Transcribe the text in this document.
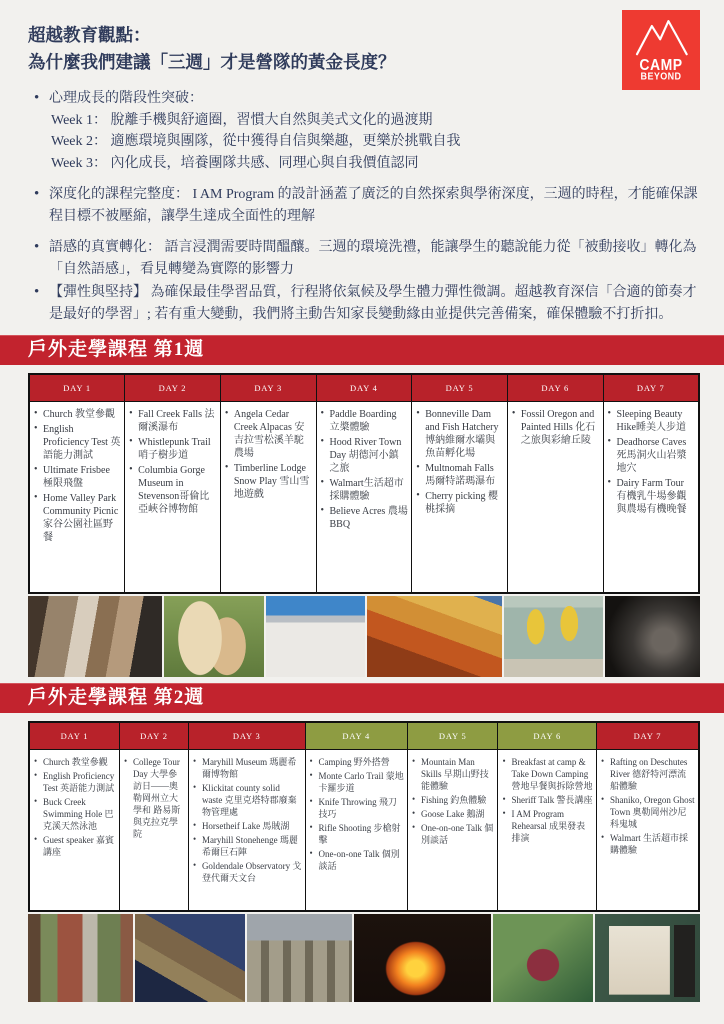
超越教育觀點：
為什麼我們建議「三週」才是營隊的黃金長度？	CAMP
BEYOND
• 心理成長的階段性突破：
Week 1： 脫離手機與舒適圈，習慣大自然與美式文化的過渡期
Week 2： 適應環境與團隊，從中獲得自信與樂趣，更樂於挑戰自我
Week 3： 內化成長，培養團隊共感、同理心與自我價值認同
• 深度化的課程完整度： I AM Program 的設計涵蓋了廣泛的自然探索與學術深度，三週的時程，才能確保課程目標不被壓縮，讓學生達成全面性的理解
• 語感的真實轉化： 語言浸潤需要時間醞釀。三週的環境洗禮，能讓學生的聽說能力從「被動接收」轉化為「自然語感」，看見轉變為實際的影響力
• 【彈性與堅持】 為確保最佳學習品質，行程將依氣候及學生體力彈性微調。超越教育深信「合適的節奏才是最好的學習」; 若有重大變動，我們將主動告知家長變動緣由並提供完善備案，確保體驗不打折扣。
戶外走學課程 第1週
DAY 1	DAY 2	DAY 3	DAY 4	DAY 5	DAY 6	DAY 7

• Church 教堂參觀
• English Proficiency Test 英語能力測試
• Ultimate Frisbee 極限飛盤
• Home Valley Park Community Picnic 家谷公園社區野餐

• Fall Creek Falls 法爾溪瀑布
• Whistlepunk Trail 哨子樹步道
• Columbia Gorge Museum in Stevenson哥倫比亞峽谷博物館

• Angela Cedar Creek Alpacas 安吉拉雪松溪羊駝農場
• Timberline Lodge Snow Play 雪山雪地遊戲

• Paddle Boarding 立槳體驗
• Hood River Town Day 胡德河小鎮之旅
• Walmart生活超市採購體驗
• Believe Acres 農場 BBQ

• Bonneville Dam and Fish Hatchery 博納維爾水壩與魚苗孵化場
• Multnomah Falls 馬爾特諾瑪瀑布
• Cherry picking 櫻桃採摘

• Fossil Oregon and Painted Hills 化石之旅與彩繪丘陵

• Sleeping Beauty Hike睡美人步道
• Deadhorse Caves 死馬洞火山岩漿地穴
• Dairy Farm Tour 有機乳牛場參觀與農場有機晚餐
戶外走學課程 第2週
DAY 1	DAY 2	DAY 3	DAY 4	DAY 5	DAY 6	DAY 7

• Church 教堂參觀
• English Proficiency Test 英語能力測試
• Buck Creek Swimming Hole 巴克溪天然泳池
• Guest speaker 嘉賓講座

• College Tour Day 大學參訪日——奧勒岡州立大學和 路易斯與克拉克學院

• Maryhill Museum 瑪麗希爾博物館
• Klickitat county solid waste 克里克塔特郡廢棄物管理處
• Horsetheif Lake 馬賊湖
• Maryhill Stonehenge 瑪麗希爾巨石陣
• Goldendale Observatory 戈登代爾天文台

• Camping 野外搭營
• Monte Carlo Trail 蒙地卡羅步道
• Knife Throwing 飛刀技巧
• Rifle Shooting 步槍射擊
• One-on-one Talk 個別談話

• Mountain Man Skills 早期山野技能體驗
• Fishing 釣魚體驗
• Goose Lake 鵝湖
• One-on-one Talk 個別談話

• Breakfast at camp & Take Down Camping 營地早餐與拆除營地
• Sheriff Talk 警長講座
• I AM Program Rehearsal 成果發表排演

• Rafting on Deschutes River 德舒特河漂流船體驗
• Shaniko, Oregon Ghost Town 奧勒岡州沙尼科鬼城
• Walmart 生活超市採購體驗
